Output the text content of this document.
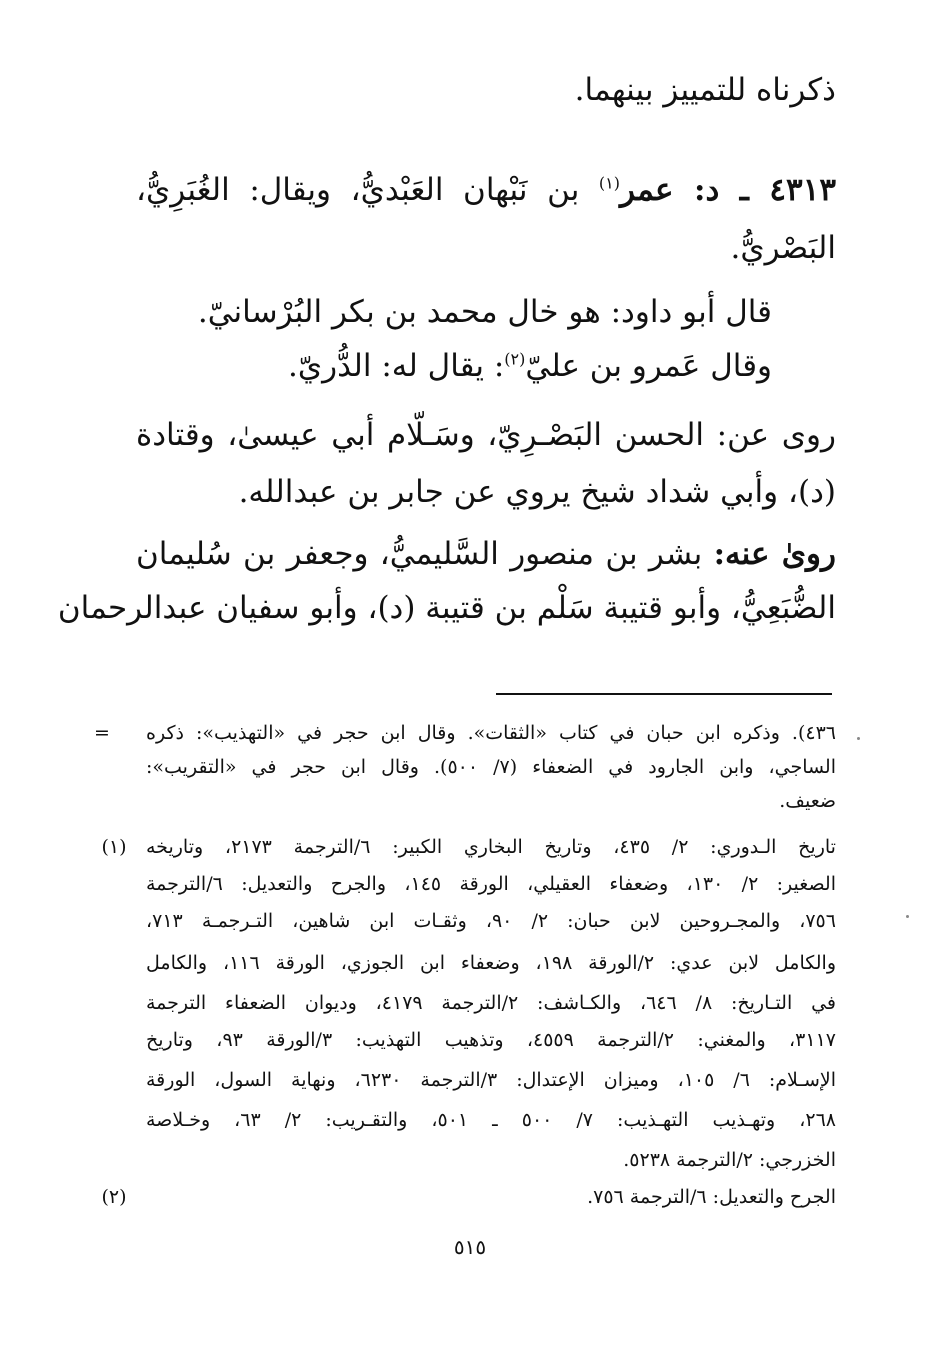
ذكرناه للتمييز بينهما.
٤٣١٣ ـ د: عمر$^{(١)}$ بن نَبْهان العَبْديُّ، ويقال: الغُبَرِيُّ،
البَصْريُّ.
قال أبو داود: هو خال محمد بن بكر البُرْسانيّ.
وقال عَمرو بن عليّ$^{(٢)}$: يقال له: الدُّريّ.
روى عن: الحسن البَصْـرِيّ، وسَـلّام أبي عيسىٰ، وقتادة
(د)، وأبي شداد شيخ يروي عن جابر بن عبدالله.
روىٰ عنه: بشر بن منصور السَّليميُّ، وجعفر بن سُليمان
الضُّبَعِيُّ، وأبو قتيبة سَلْم بن قتيبة (د)، وأبو سفيان عبدالرحمان
=	٤٣٦). وذكره ابن حبان في كتاب «الثقات». وقال ابن حجر في «التهذيب»: ذكره
الساجي، وابن الجارود في الضعفاء (٧/ ٥٠٠). وقال ابن حجر في «التقريب»:
ضعيف.
(١)	تاريخ الـدوري: ٢/ ٤٣٥، وتاريخ البخاري الكبير: ٦/الترجمة ٢١٧٣، وتاريخه
الصغير: ٢/ ١٣٠، وضعفاء العقيلي، الورقة ١٤٥، والجرح والتعديل: ٦/الترجمة
٧٥٦، والمجـروحين لابن حبان: ٢/ ٩٠، وثقـات ابن شاهين، التـرجمـة ٧١٣،
والكامل لابن عدي: ٢/الورقة ١٩٨، وضعفاء ابن الجوزي، الورقة ١١٦، والكامل
في التـاريخ: ٨/ ٦٤٦، والكـاشف: ٢/الترجمة ٤١٧٩، وديوان الضعفاء الترجمة
٣١١٧، والمغني: ٢/الترجمة ٤٥٥٩، وتذهيب التهذيب: ٣/الورقة ٩٣، وتاريخ
الإسـلام: ٦/ ١٠٥، وميزان الإعتدال: ٣/الترجمة ٦٢٣٠، ونهاية السول، الورقة
٢٦٨، وتهـذيب التهـذيب: ٧/ ٥٠٠ ـ ٥٠١، والتقـريب: ٢/ ٦٣، وخـلاصة
الخزرجي: ٢/الترجمة ٥٢٣٨.
(٢)	الجرح والتعديل: ٦/الترجمة ٧٥٦.
٥١٥
